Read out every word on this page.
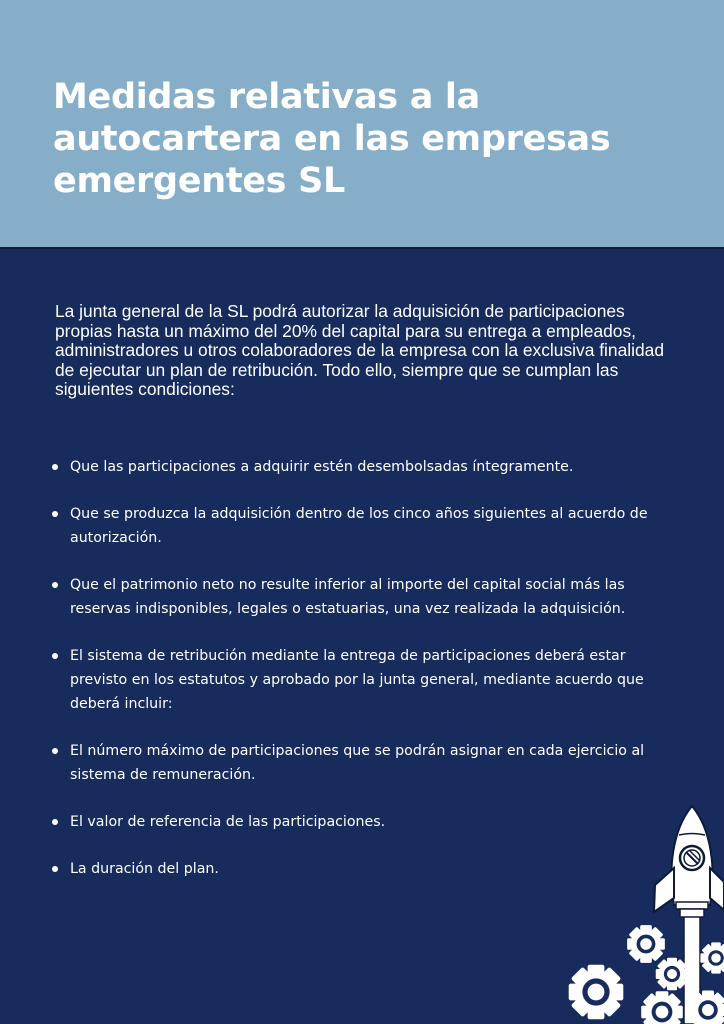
Medidas relativas a la autocartera en las empresas emergentes SL

La junta general de la SL podrá autorizar la adquisición de participaciones propias hasta un máximo del 20% del capital para su entrega a empleados, administradores u otros colaboradores de la empresa con la exclusiva finalidad de ejecutar un plan de retribución. Todo ello, siempre que se cumplan las siguientes condiciones:

Que las participaciones a adquirir estén desembolsadas íntegramente.
Que se produzca la adquisición dentro de los cinco años siguientes al acuerdo de autorización.
Que el patrimonio neto no resulte inferior al importe del capital social más las reservas indisponibles, legales o estatuarias, una vez realizada la adquisición.
El sistema de retribución mediante la entrega de participaciones deberá estar previsto en los estatutos y aprobado por la junta general, mediante acuerdo que deberá incluir:
El número máximo de participaciones que se podrán asignar en cada ejercicio al sistema de remuneración.
El valor de referencia de las participaciones.
La duración del plan.
